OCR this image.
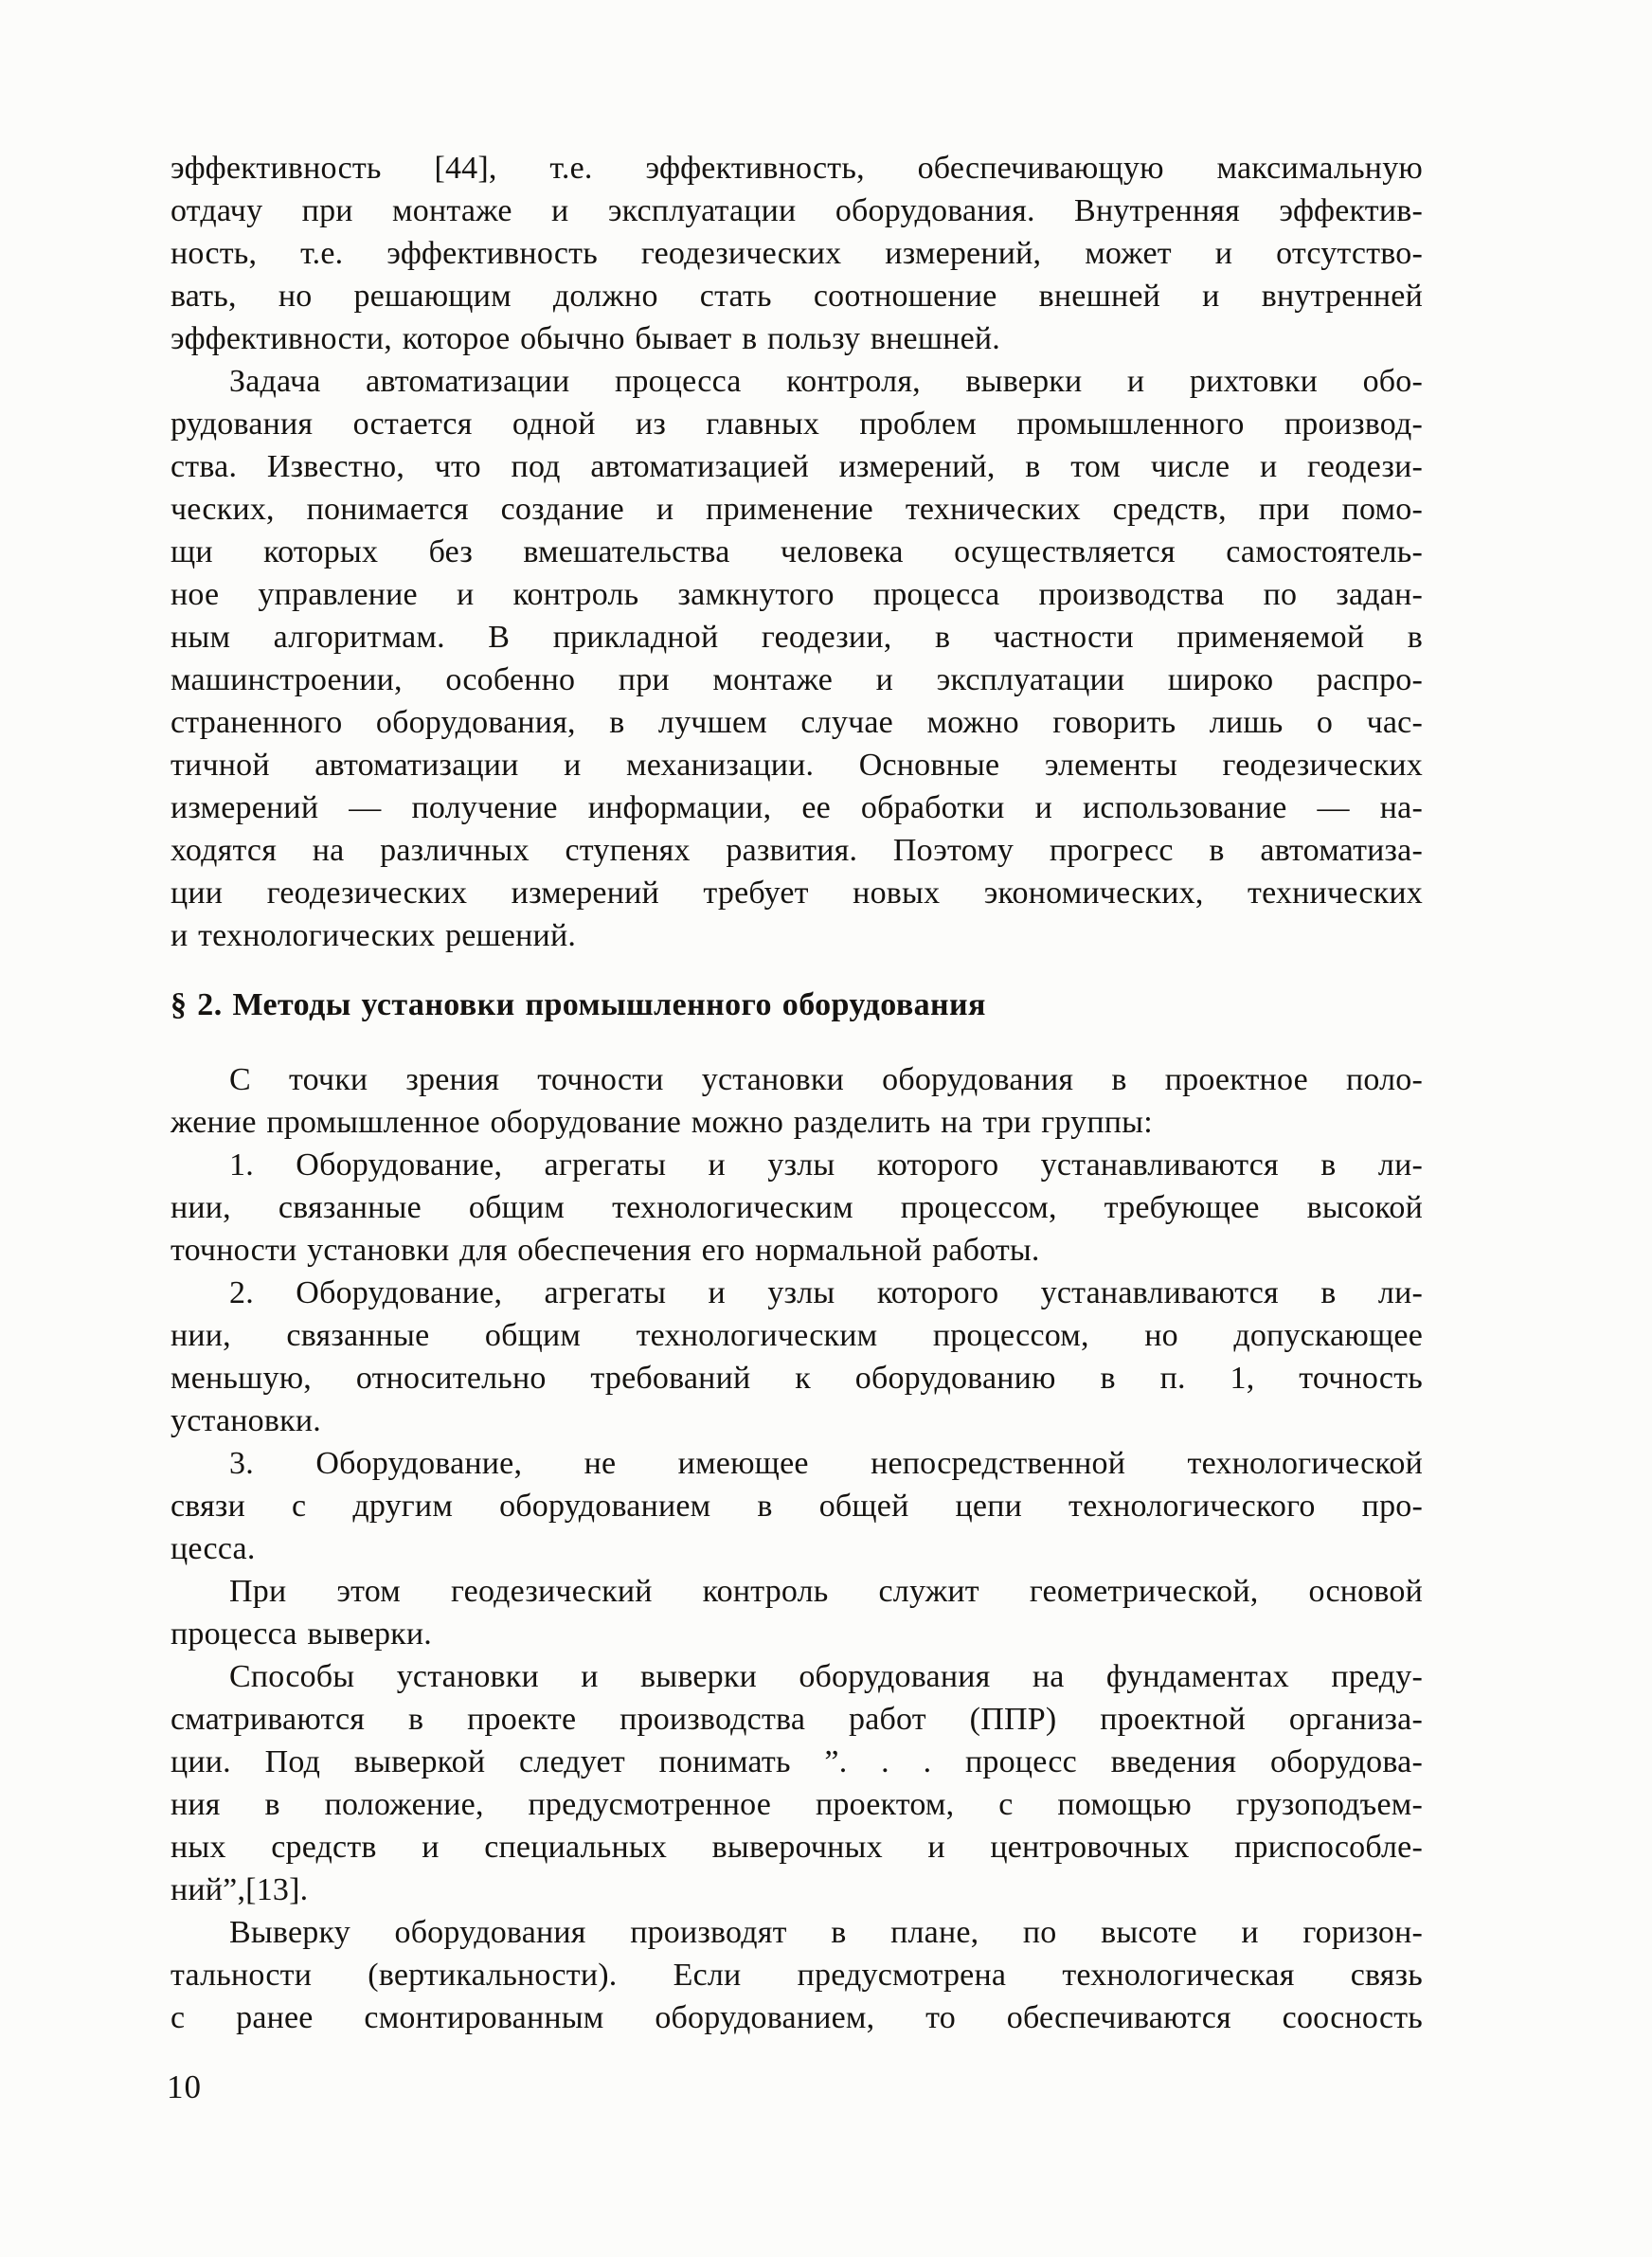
эффективность [44], т.е. эффективность, обеспечивающую максимальную
отдачу при монтаже и эксплуатации оборудования. Внутренняя эффектив-
ность, т.е. эффективность геодезических измерений, может и отсутство-
вать, но решающим должно стать соотношение внешней и внутренней
эффективности, которое обычно бывает в пользу внешней.
Задача автоматизации процесса контроля, выверки и рихтовки обо-
рудования остается одной из главных проблем промышленного производ-
ства. Известно, что под автоматизацией измерений, в том числе и геодези-
ческих, понимается создание и применение технических средств, при помо-
щи которых без вмешательства человека осуществляется самостоятель-
ное управление и контроль замкнутого процесса производства по задан-
ным алгоритмам. В прикладной геодезии, в частности применяемой в
машинстроении, особенно при монтаже и эксплуатации широко распро-
страненного оборудования, в лучшем случае можно говорить лишь о час-
тичной автоматизации и механизации. Основные элементы геодезических
измерений — получение информации, ее обработки и использование — на-
ходятся на различных ступенях развития. Поэтому прогресс в автоматиза-
ции геодезических измерений требует новых экономических, технических
и технологических решений.
§ 2. Методы установки промышленного оборудования
С точки зрения точности установки оборудования в проектное поло-
жение промышленное оборудование можно разделить на три группы:
1. Оборудование, агрегаты и узлы которого устанавливаются в ли-
нии, связанные общим технологическим процессом, требующее высокой
точности установки для обеспечения его нормальной работы.
2. Оборудование, агрегаты и узлы которого устанавливаются в ли-
нии, связанные общим технологическим процессом, но допускающее
меньшую, относительно требований к оборудованию в п. 1, точность
установки.
3. Оборудование, не имеющее непосредственной технологической
связи с другим оборудованием в общей цепи технологического про-
цесса.
При этом геодезический контроль служит геометрической, основой
процесса выверки.
Способы установки и выверки оборудования на фундаментах преду-
сматриваются в проекте производства работ (ППР) проектной организа-
ции. Под выверкой следует понимать ”. . . процесс введения оборудова-
ния в положение, предусмотренное проектом, с помощью грузоподъем-
ных средств и специальных выверочных и центровочных приспособле-
ний”,[13].
Выверку оборудования производят в плане, по высоте и горизон-
тальности (вертикальности). Если предусмотрена технологическая связь
с ранее смонтированным оборудованием, то обеспечиваются соосность
10
